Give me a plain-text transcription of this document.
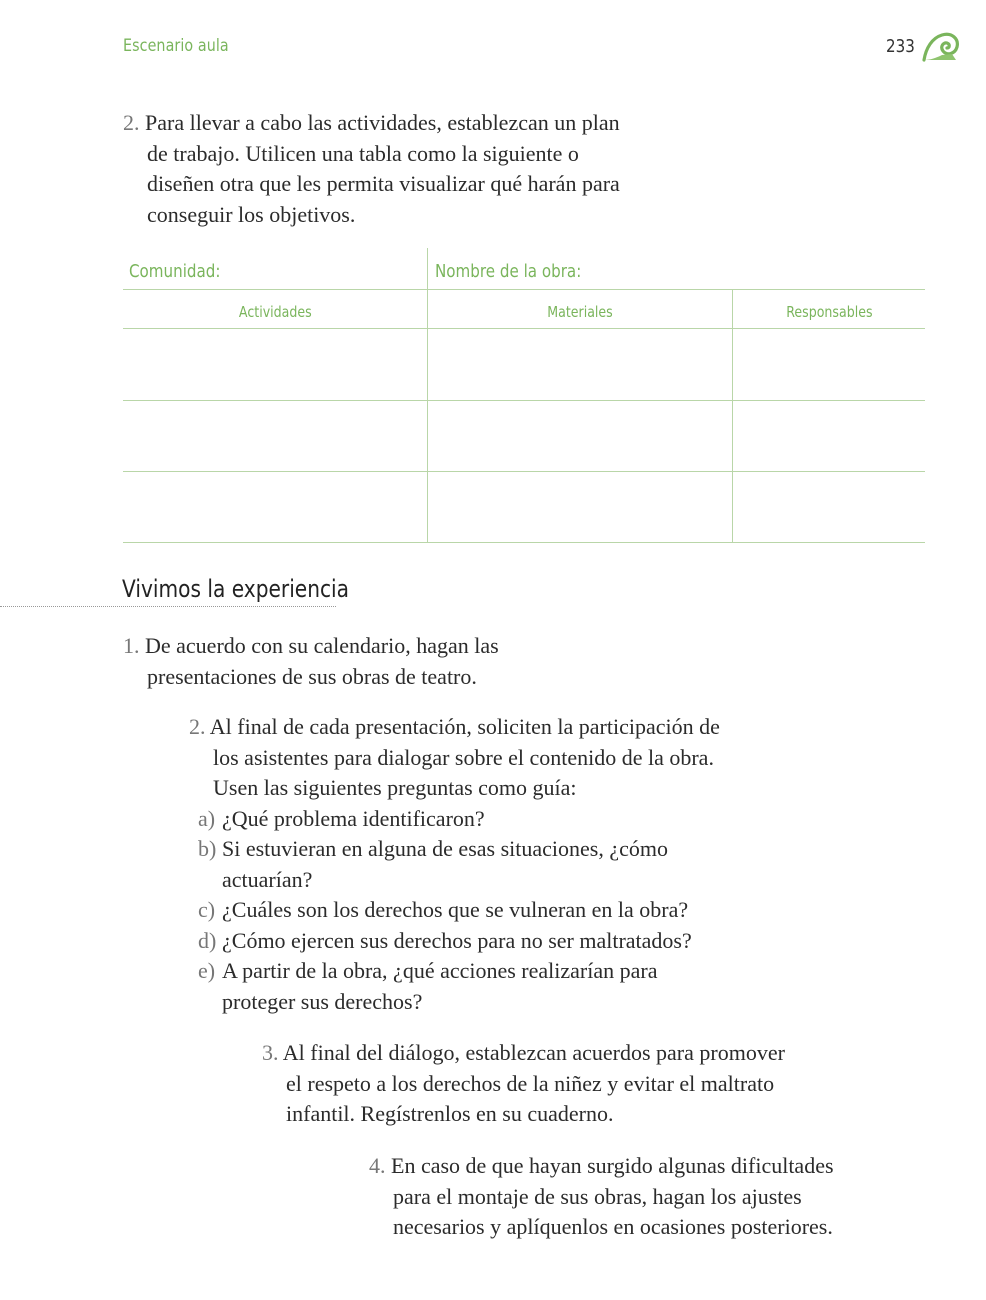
Escenario aula	233
2. Para llevar a cabo las actividades, establezcan un plan
de trabajo. Utilicen una tabla como la siguiente o
diseñen otra que les permita visualizar qué harán para
conseguir los objetivos.
Comunidad:	Nombre de la obra:
Actividades	Materiales	Responsables
Vivimos la experiencia
1. De acuerdo con su calendario, hagan las
presentaciones de sus obras de teatro.
2. Al final de cada presentación, soliciten la participación de
los asistentes para dialogar sobre el contenido de la obra.
Usen las siguientes preguntas como guía:
a) ¿Qué problema identificaron?
b) Si estuvieran en alguna de esas situaciones, ¿cómo
actuarían?
c) ¿Cuáles son los derechos que se vulneran en la obra?
d) ¿Cómo ejercen sus derechos para no ser maltratados?
e) A partir de la obra, ¿qué acciones realizarían para
proteger sus derechos?
3. Al final del diálogo, establezcan acuerdos para promover
el respeto a los derechos de la niñez y evitar el maltrato
infantil. Regístrenlos en su cuaderno.
4. En caso de que hayan surgido algunas dificultades
para el montaje de sus obras, hagan los ajustes
necesarios y aplíquenlos en ocasiones posteriores.
